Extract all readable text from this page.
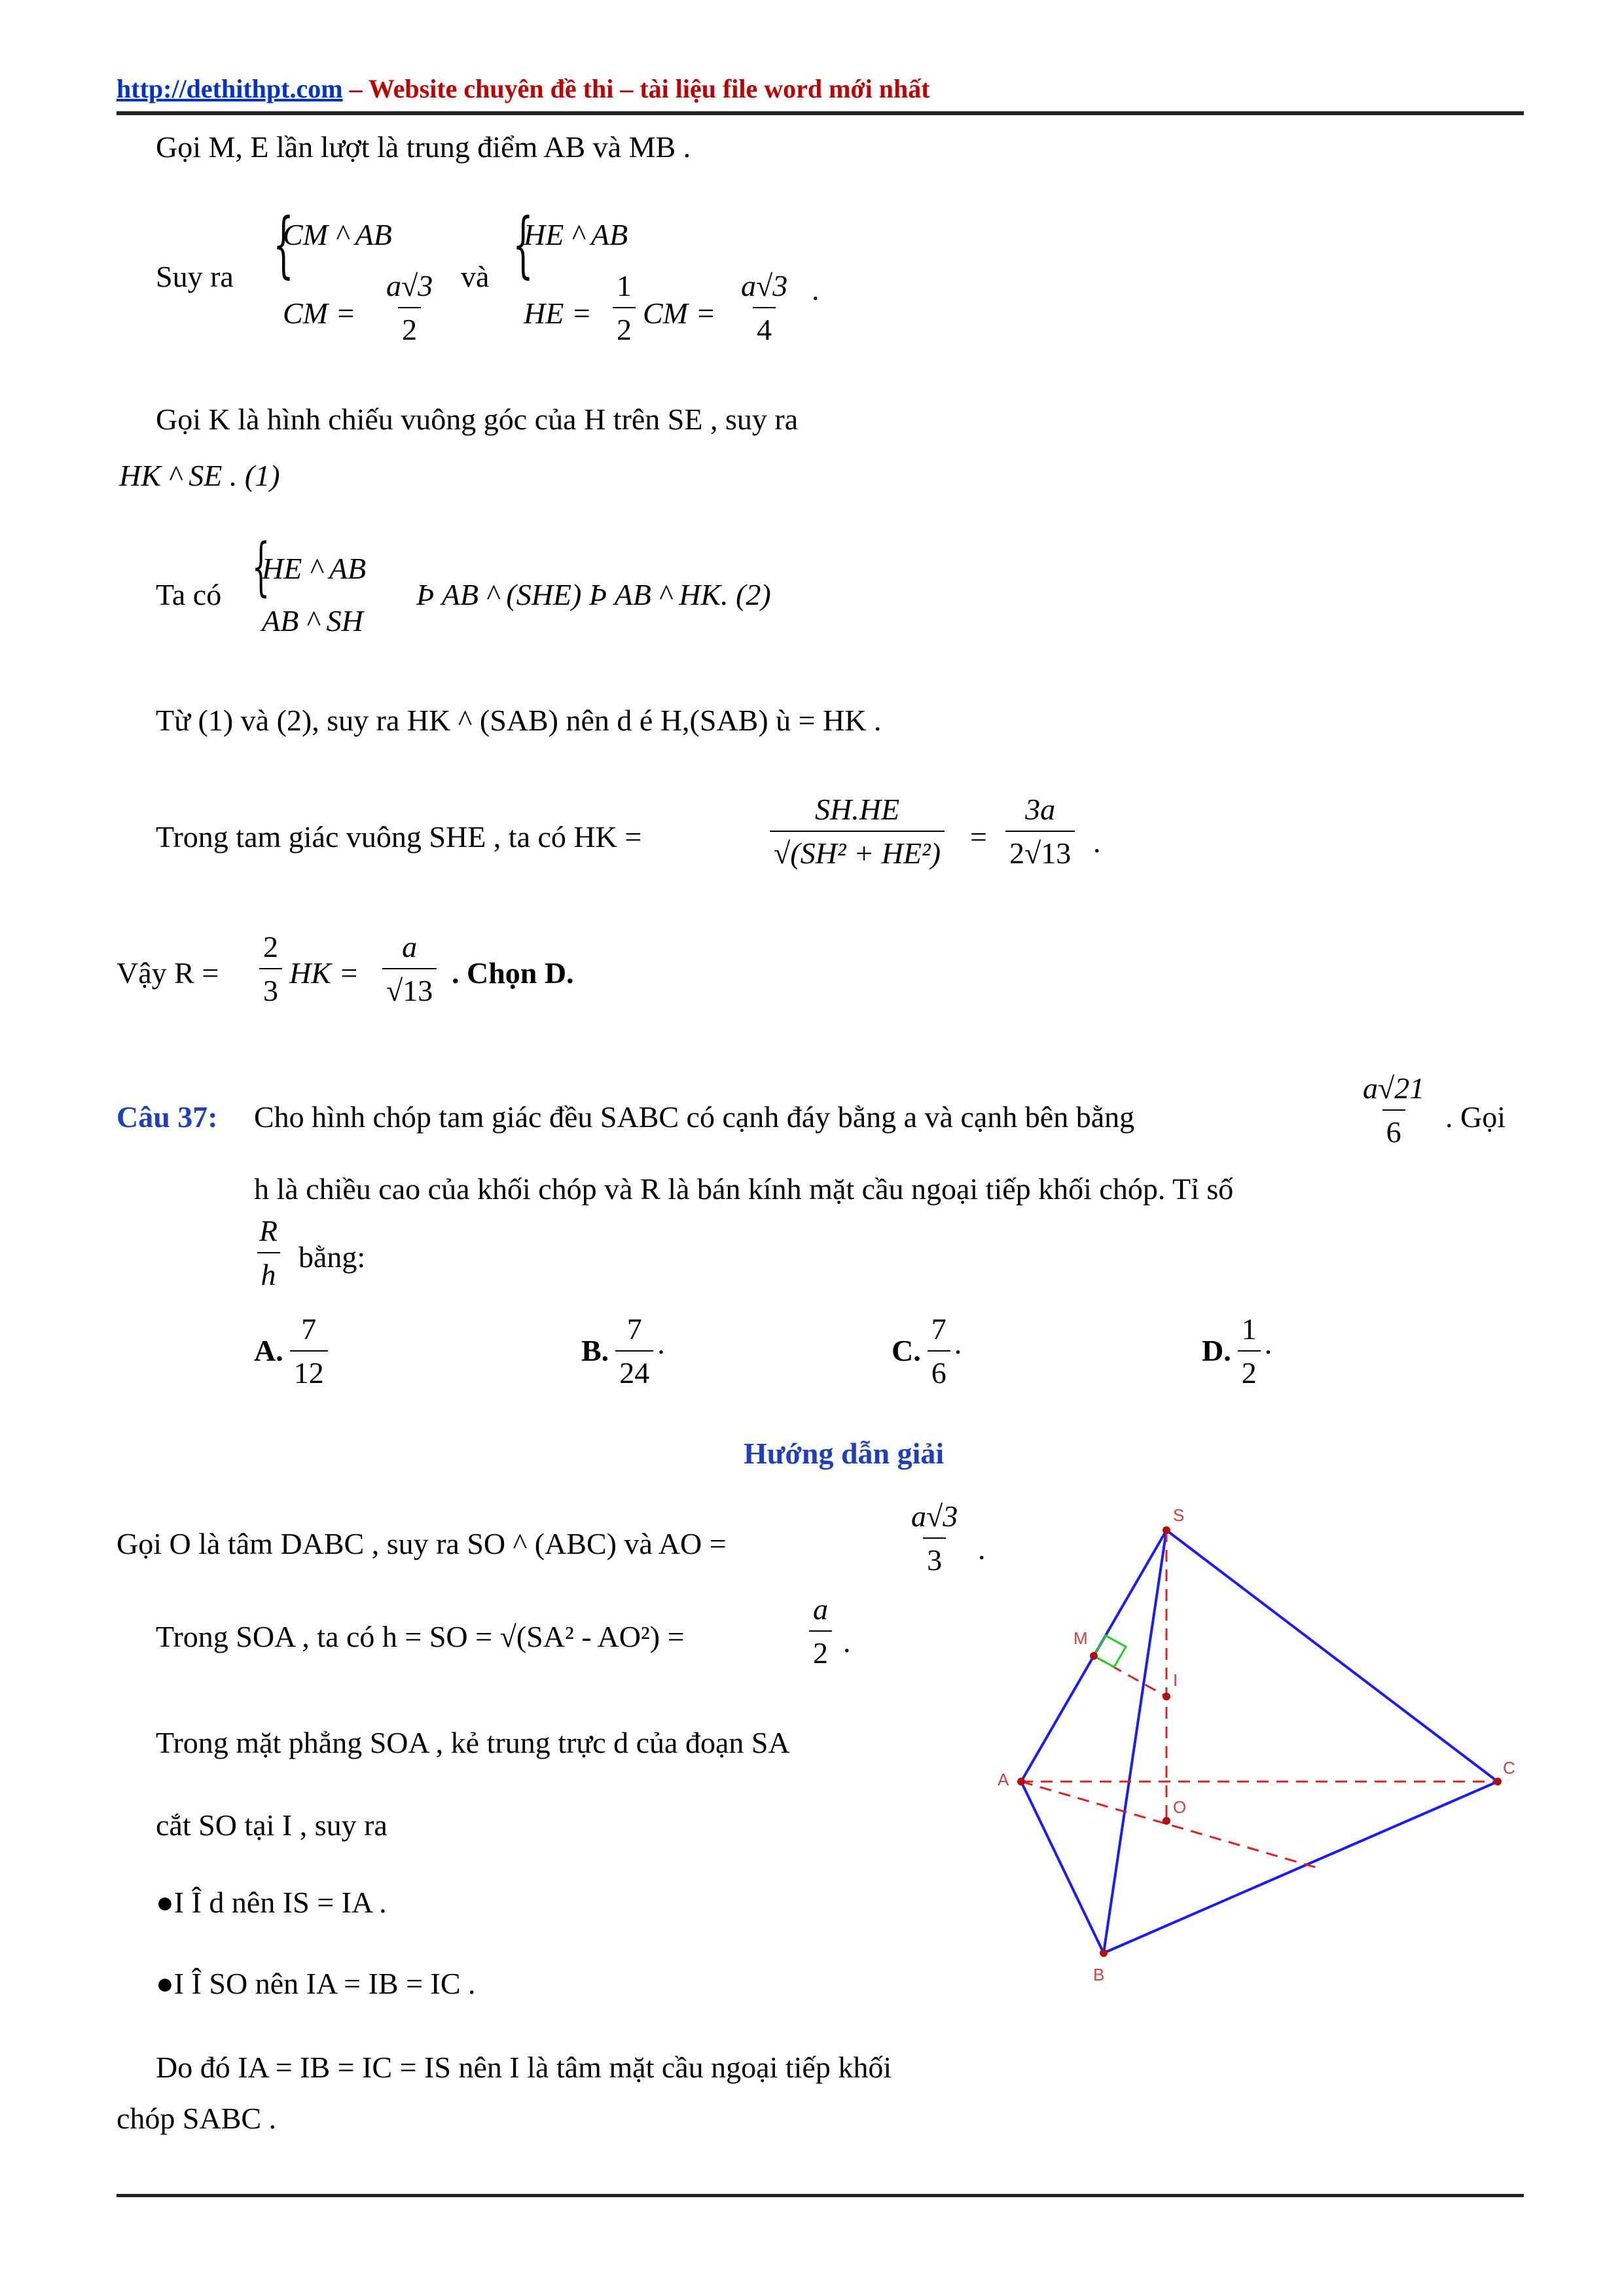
http://dethithpt.com – Website chuyên đề thi – tài liệu file word mới nhất
Gọi M, E lần lượt là trung điểm AB và MB .
Suy ra {
CM ^ AB
CM = $\frac{a√3}{2}$ và {
HE ^ AB
HE = $\frac{1}{2}$ CM = $\frac{a√3}{4}$ .
Gọi K là hình chiếu vuông góc của H trên SE , suy ra
HK ^ SE . (1)
Ta có {
HE ^ AB
AB ^ SH
Þ AB ^ (SHE) Þ AB ^ HK. (2)
Từ (1) và (2), suy ra HK ^ (SAB) nên d é H,(SAB) ù = HK .
Trong tam giác vuông SHE , ta có HK =	$\frac{SH.HE}{\text{√(SH² + HE²)}} = \frac{3a}{2√13}$ .
Vậy $R = \frac{2}{3}$ HK = $\frac{a}{√13}$ . Chọn D.
Câu 37: Cho hình chóp tam giác đều SABC có cạnh đáy bằng a và cạnh bên bằng	$\frac{a√21}{6}$ . Gọi
h là chiều cao của khối chóp và R là bán kính mặt cầu ngoại tiếp khối chóp. Tỉ số
$\frac{R}{h}$ bằng:
A. $\frac{7}{12}$	B. $\frac{7}{24}$ .	C. $\frac{7}{6}$ .	D. $\frac{1}{2}$ .
Hướng dẫn giải
Gọi O là tâm DABC , suy ra SO ^ (ABC) và AO =	$\frac{a√3}{3}$ .
Trong SOA , ta có h = SO = √(SA² - AO²) =	$\frac{a}{2}$ .
Trong mặt phẳng SOA , kẻ trung trực d của đoạn SA
cắt SO tại I , suy ra
●I Î d nên IS = IA .
●I Î SO nên IA = IB = IC .
Do đó IA = IB = IC = IS nên I là tâm mặt cầu ngoại tiếp khối
chóp SABC .
S
A
C
B
M
I
O
